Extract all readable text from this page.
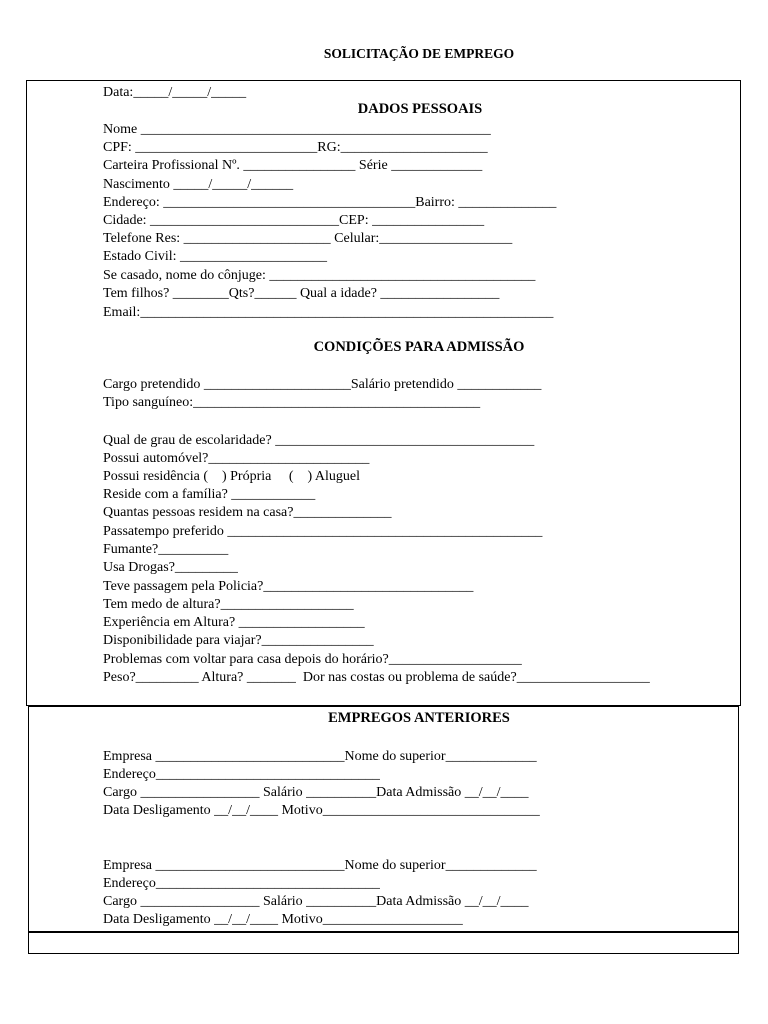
SOLICITAÇÃO DE EMPREGO
Data:_____/_____/_____
DADOS PESSOAIS
Nome __________________________________________________
CPF: __________________________RG:_____________________
Carteira Profissional Nº. ________________ Série _____________
Nascimento _____/_____/______
Endereço: ____________________________________Bairro: ______________
Cidade: ___________________________CEP: ________________
Telefone Res: _____________________ Celular:___________________
Estado Civil: _____________________
Se casado, nome do cônjuge: ______________________________________
Tem filhos? ________Qts?______ Qual a idade? _________________
Email:___________________________________________________________
CONDIÇÕES PARA ADMISSÃO
Cargo pretendido _____________________Salário pretendido ____________
Tipo sanguíneo:_________________________________________
Qual de grau de escolaridade? _____________________________________
Possui automóvel?_______________________
Possui residência (    ) Própria     (    ) Aluguel
Reside com a família? ____________
Quantas pessoas residem na casa?______________
Passatempo preferido _____________________________________________
Fumante?__________
Usa Drogas?_________
Teve passagem pela Policia?______________________________
Tem medo de altura?___________________
Experiência em Altura? __________________
Disponibilidade para viajar?________________
Problemas com voltar para casa depois do horário?___________________
Peso?_________ Altura? _______  Dor nas costas ou problema de saúde?___________________
EMPREGOS ANTERIORES
Empresa ___________________________Nome do superior_____________
Endereço________________________________
Cargo _________________ Salário __________Data Admissão __/__/____
Data Desligamento __/__/____ Motivo_______________________________
Empresa ___________________________Nome do superior_____________
Endereço________________________________
Cargo _________________ Salário __________Data Admissão __/__/____
Data Desligamento __/__/____ Motivo____________________
